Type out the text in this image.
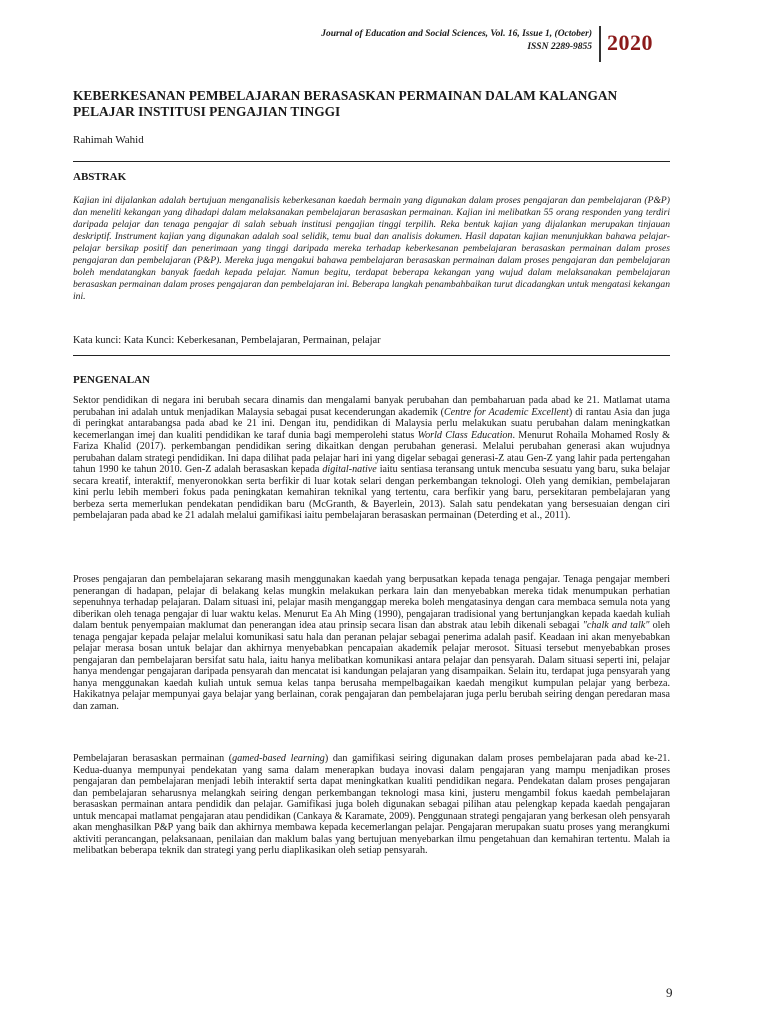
Journal of Education and Social Sciences, Vol. 16, Issue 1, (October)
ISSN 2289-9855 2020
KEBERKESANAN PEMBELAJARAN BERASASKAN PERMAINAN DALAM KALANGAN PELAJAR INSTITUSI PENGAJIAN TINGGI
Rahimah Wahid
ABSTRAK

Kajian ini dijalankan adalah bertujuan menganalisis keberkesanan kaedah bermain yang digunakan dalam proses pengajaran dan pembelajaran (P&P) dan meneliti kekangan yang dihadapi dalam melaksanakan pembelajaran berasaskan permainan. Kajian ini melibatkan 55 orang responden yang terdiri daripada pelajar dan tenaga pengajar di salah sebuah institusi pengajian tinggi terpilih. Reka bentuk kajian yang dijalankan merupakan tinjauan deskriptif. Instrument kajian yang digunakan adalah soal selidik, temu bual dan analisis dokumen. Hasil dapatan kajian menunjukkan bahawa pelajar-pelajar bersikap positif dan penerimaan yang tinggi daripada mereka terhadap keberkesanan pembelajaran berasaskan permainan dalam proses pengajaran dan pembelajaran (P&P). Mereka juga mengakui bahawa pembelajaran berasaskan permainan dalam proses pengajaran dan pembelajaran boleh mendatangkan banyak faedah kepada pelajar. Namun begitu, terdapat beberapa kekangan yang wujud dalam melaksanakan pembelajaran berasaskan permainan dalam proses pengajaran dan pembelajaran ini. Beberapa langkah penambahbaikan turut dicadangkan untuk mengatasi kekangan ini.

Kata kunci: Kata Kunci: Keberkesanan, Pembelajaran, Permainan, pelajar
PENGENALAN

Sektor pendidikan di negara ini berubah secara dinamis dan mengalami banyak perubahan dan pembaharuan pada abad ke 21. Matlamat utama perubahan ini adalah untuk menjadikan Malaysia sebagai pusat kecenderungan akademik (Centre for Academic Excellent) di rantau Asia dan juga di peringkat antarabangsa pada abad ke 21 ini. Dengan itu, pendidikan di Malaysia perlu melakukan suatu perubahan dalam meningkatkan kecemerlangan imej dan kualiti pendidikan ke taraf dunia bagi memperolehi status World Class Education. Menurut Rohaila Mohamed Rosly & Fariza Khalid (2017). perkembangan pendidikan sering dikaitkan dengan perubahan generasi. Melalui perubahan generasi akan wujudnya perubahan dalam strategi pendidikan. Ini dapa dilihat pada pelajar hari ini yang digelar sebagai generasi-Z atau Gen-Z yang lahir pada pertengahan tahun 1990 ke tahun 2010. Gen-Z adalah berasaskan kepada digital-native iaitu sentiasa teransang untuk mencuba sesuatu yang baru, suka belajar secara kreatif, interaktif, menyeronokkan serta berfikir di luar kotak selari dengan perkembangan teknologi. Oleh yang demikian, pembelajaran kini perlu lebih memberi fokus pada peningkatan kemahiran teknikal yang tertentu, cara berfikir yang baru, persekitaran pembelajaran yang berbeza serta memerlukan pendekatan pendidikan baru (McGranth, & Bayerlein, 2013). Salah satu pendekatan yang bersesuaian dengan ciri pembelajaran pada abad ke 21 adalah melalui gamifikasi iaitu pembelajaran berasaskan permainan (Deterding et al., 2011).

Proses pengajaran dan pembelajaran sekarang masih menggunakan kaedah yang berpusatkan kepada tenaga pengajar. Tenaga pengajar memberi penerangan di hadapan, pelajar di belakang kelas mungkin melakukan perkara lain dan menyebabkan mereka tidak menumpukan perhatian sepenuhnya terhadap pelajaran. Dalam situasi ini, pelajar masih menganggap mereka boleh mengatasinya dengan cara membaca semula nota yang diberikan oleh tenaga pengajar di luar waktu kelas. Menurut Ea Ah Ming (1990), pengajaran tradisional yang bertunjangkan kepada kaedah kuliah dalam bentuk penyempaian maklumat dan penerangan idea atau prinsip secara lisan dan abstrak atau lebih dikenali sebagai "chalk and talk" oleh tenaga pengajar kepada pelajar melalui komunikasi satu hala dan peranan pelajar sebagai penerima adalah pasif. Keadaan ini akan menyebabkan pelajar merasa bosan untuk belajar dan akhirnya menyebabkan pencapaian akademik pelajar merosot. Situasi tersebut menyebabkan proses pengajaran dan pembelajaran bersifat satu hala, iaitu hanya melibatkan komunikasi antara pelajar dan pensyarah. Dalam situasi seperti ini, pelajar hanya mendengar pengajaran daripada pensyarah dan mencatat isi kandungan pelajaran yang disampaikan. Selain itu, terdapat juga pensyarah yang hanya menggunakan kaedah kuliah untuk semua kelas tanpa berusaha mempelbagaikan kaedah mengikut kumpulan pelajar yang berbeza. Hakikatnya pelajar mempunyai gaya belajar yang berlainan, corak pengajaran dan pembelajaran juga perlu berubah seiring dengan peredaran masa dan zaman.

Pembelajaran berasaskan permainan (gamed-based learning) dan gamifikasi seiring digunakan dalam proses pembelajaran pada abad ke-21. Kedua-duanya mempunyai pendekatan yang sama dalam menerapkan budaya inovasi dalam pengajaran yang mampu menjadikan proses pengajaran dan pembelajaran menjadi lebih interaktif serta dapat meningkatkan kualiti pendidikan negara. Pendekatan dalam proses pengajaran dan pembelajaran seharusnya melangkah seiring dengan perkembangan teknologi masa kini, justeru mengambil fokus kaedah pembelajaran berasaskan permainan antara pendidik dan pelajar. Gamifikasi juga boleh digunakan sebagai pilihan atau pelengkap kepada kaedah pengajaran untuk mencapai matlamat pengajaran atau pendidikan (Cankaya & Karamate, 2009). Penggunaan strategi pengajaran yang berkesan oleh pensyarah akan menghasilkan P&P yang baik dan akhirnya membawa kepada kecemerlangan pelajar. Pengajaran merupakan suatu proses yang merangkumi aktiviti perancangan, pelaksanaan, penilaian dan maklum balas yang bertujuan menyebarkan ilmu pengetahuan dan kemahiran tertentu. Malah ia melibatkan beberapa teknik dan strategi yang perlu diaplikasikan oleh setiap pensyarah.

9
